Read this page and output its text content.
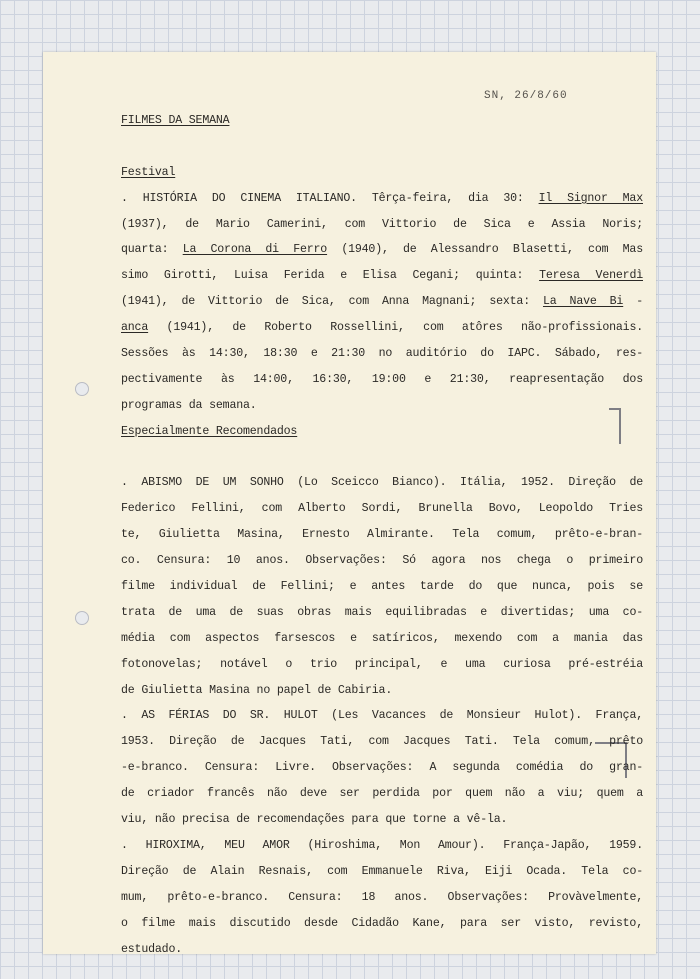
SN, 26/8/60
FILMES DA SEMANA
Festival
. HISTÓRIA DO CINEMA ITALIANO. Têrça-feira, dia 30: Il Signor Max
(1937), de Mario Camerini, com Vittorio de Sica e Assia Noris;
quarta: La Corona di Ferro (1940), de Alessandro Blasetti, com Mas
simo Girotti, Luisa Ferida e Elisa Cegani; quinta: Teresa Venerdì
(1941), de Vittorio de Sica, com Anna Magnani; sexta: La Nave Bi -
anca (1941), de Roberto Rossellini, com atôres não-profissionais.
Sessões às 14:30, 18:30 e 21:30 no auditório do IAPC. Sábado, res-
pectivamente às 14:00, 16:30, 19:00 e 21:30, reapresentação dos
programas da semana.
Especialmente Recomendados
. ABISMO DE UM SONHO (Lo Sceicco Bianco). Itália, 1952. Direção de
Federico Fellini, com Alberto Sordi, Brunella Bovo, Leopoldo Tries
te, Giulietta Masina, Ernesto Almirante. Tela comum, prêto-e-bran-
co. Censura: 10 anos. Observações: Só agora nos chega o primeiro
filme individual de Fellini; e antes tarde do que nunca, pois se
trata de uma de suas obras mais equilibradas e divertidas; uma co-
média com aspectos farsescos e satíricos, mexendo com a mania das
fotonovelas; notável o trio principal, e uma curiosa pré-estréia
de Giulietta Masina no papel de Cabiria.
. AS FÉRIAS DO SR. HULOT (Les Vacances de Monsieur Hulot). França,
1953. Direção de Jacques Tati, com Jacques Tati. Tela comum, prêto
-e-branco. Censura: Livre. Observações: A segunda comédia do gran-
de criador francês não deve ser perdida por quem não a viu; quem a
viu, não precisa de recomendações para que torne a vê-la.
. HIROXIMA, MEU AMOR (Hiroshima, Mon Amour). França-Japão, 1959.
Direção de Alain Resnais, com Emmanuele Riva, Eiji Ocada. Tela co-
mum, prêto-e-branco. Censura: 18 anos. Observações: Provàvelmente,
o filme mais discutido desde Cidadão Kane, para ser visto, revisto,
estudado.
